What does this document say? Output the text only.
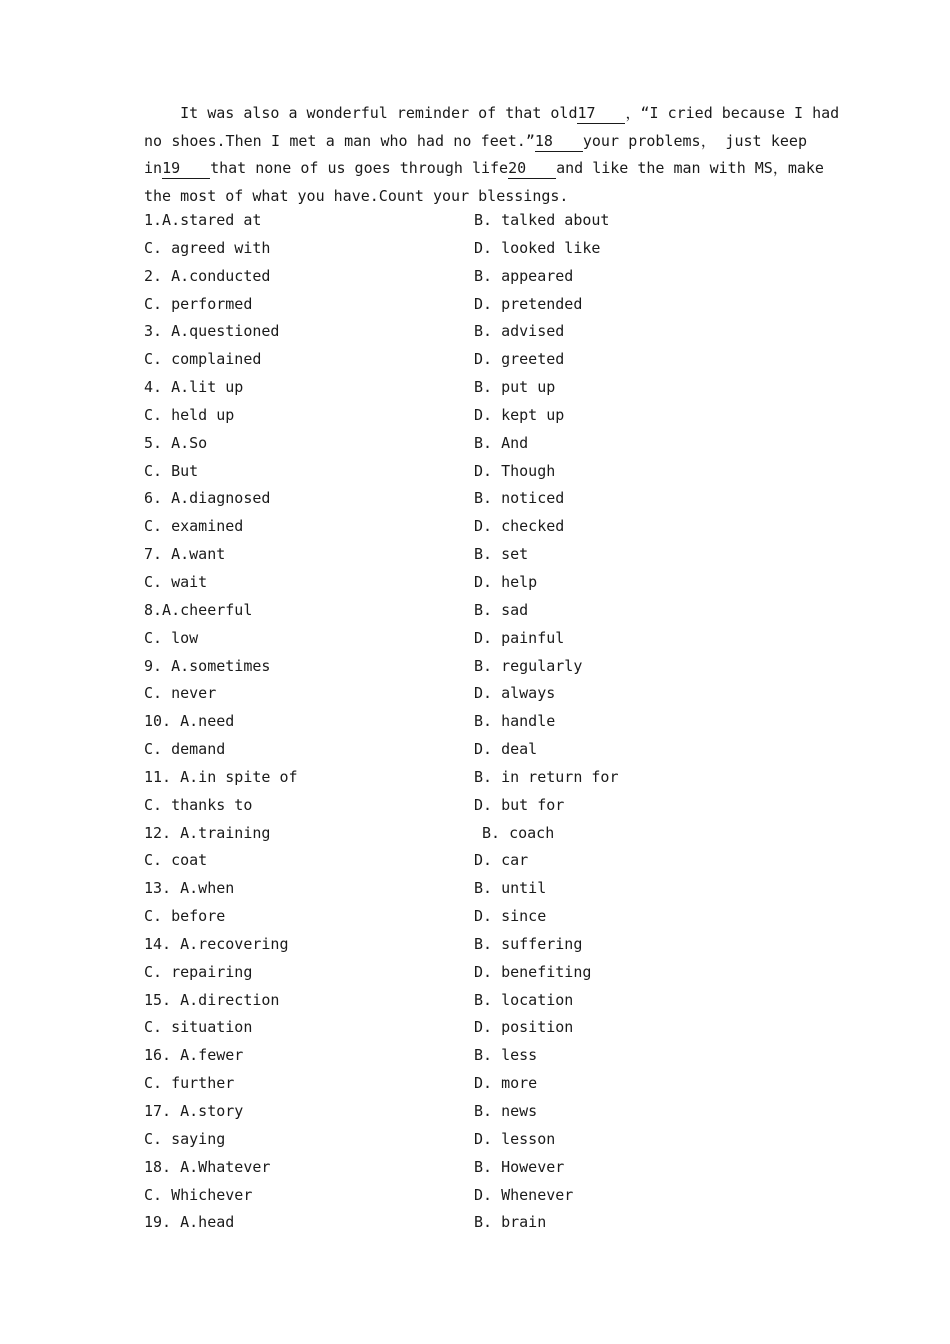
It was also a wonderful reminder of that old17 ，“I cried because I had
no shoes.Then I met a man who had no feet.”18 your problems， just keep
in19 that none of us goes through life20 and like the man with MS，make
the most of what you have.Count your blessings.
1.A.stared at	B. talked about
C. agreed with	D. looked like
2. A.conducted	B. appeared
C. performed	D. pretended
3. A.questioned	B. advised
C. complained	D. greeted
4. A.lit up	B. put up
C. held up	D. kept up
5. A.So	B. And
C. But	D. Though
6. A.diagnosed	B. noticed
C. examined	D. checked
7. A.want	B. set
C. wait	D. help
8.A.cheerful	B. sad
C. low	D. painful
9. A.sometimes	B. regularly
C. never	D. always
10. A.need	B. handle
C. demand	D. deal
11. A.in spite of	B. in return for
C. thanks to	D. but for
12. A.training	B. coach
C. coat	D. car
13. A.when	B. until
C. before	D. since
14. A.recovering	B. suffering
C. repairing	D. benefiting
15. A.direction	B. location
C. situation	D. position
16. A.fewer	B. less
C. further	D. more
17. A.story	B. news
C. saying	D. lesson
18. A.Whatever	B. However
C. Whichever	D. Whenever
19. A.head	B. brain
